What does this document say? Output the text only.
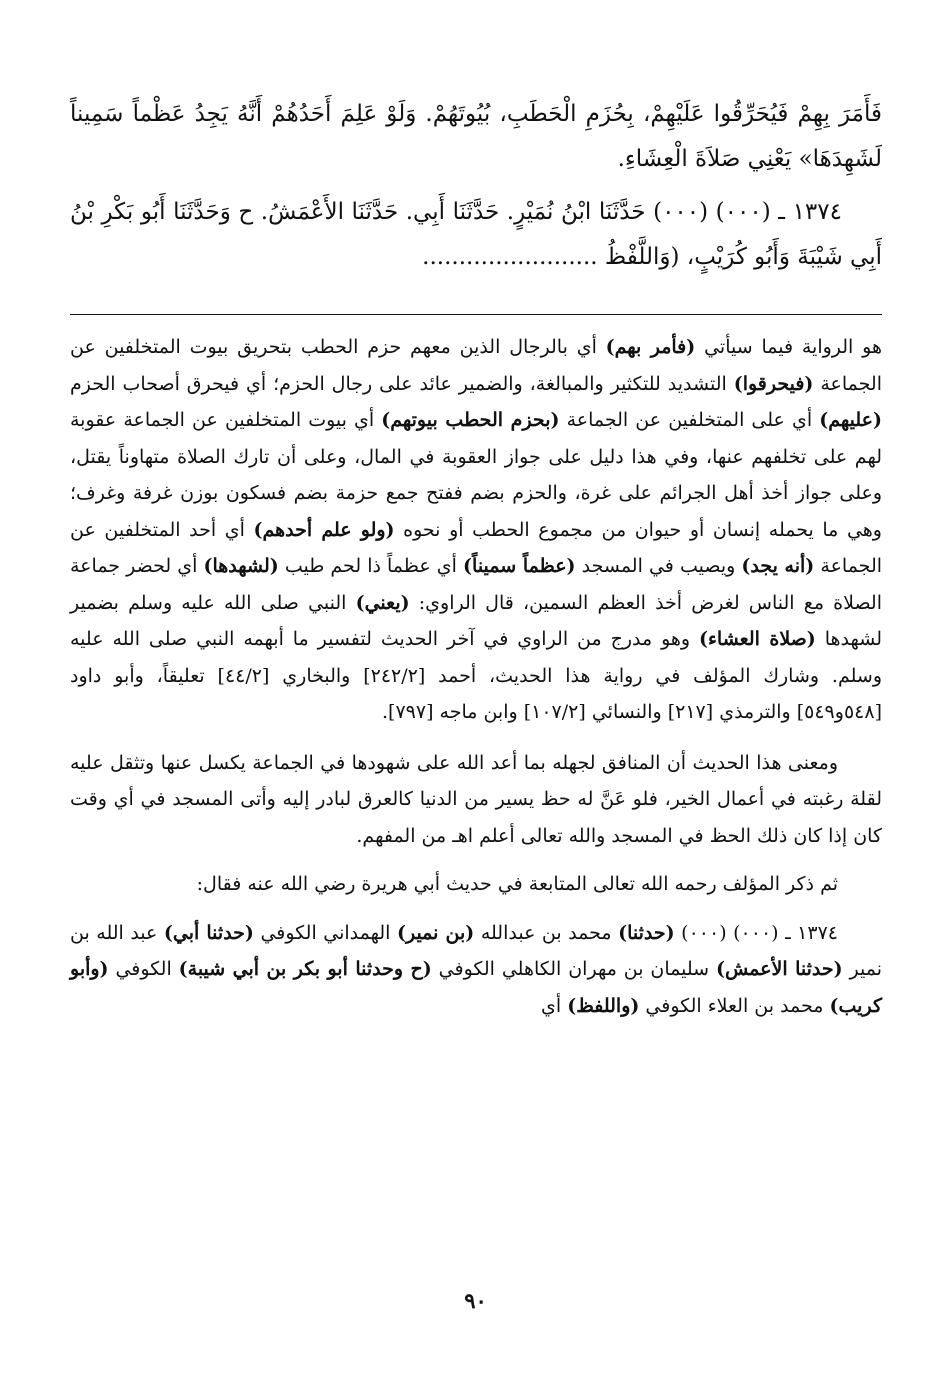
فَأَمَرَ بِهِمْ فَيُحَرِّقُوا عَلَيْهِمْ، بِحُزَمِ الْحَطَبِ، بُيُوتَهُمْ. وَلَوْ عَلِمَ أَحَدُهُمْ أَنَّهُ يَجِدُ عَظْماً سَمِيناً لَشَهِدَهَا» يَعْنِي صَلاَةَ الْعِشَاءِ.

١٣٧٤ ـ (٠٠٠) (٠٠٠) حَدَّثَنَا ابْنُ نُمَيْرٍ. حَدَّثَنَا أَبِي. حَدَّثَنَا الأَعْمَشُ. ح وَحَدَّثَنَا أَبُو بَكْرِ بْنُ أَبِي شَيْبَةَ وَأَبُو كُرَيْبٍ، (وَاللَّفْظُ ........................

هو الرواية فيما سيأتي (فأمر بهم) أي بالرجال الذين معهم حزم الحطب بتحريق بيوت المتخلفين عن الجماعة (فيحرقوا) التشديد للتكثير والمبالغة، والضمير عائد على رجال الحزم؛ أي فيحرق أصحاب الحزم (عليهم) أي على المتخلفين عن الجماعة (بحزم الحطب بيوتهم) أي بيوت المتخلفين عن الجماعة عقوبة لهم على تخلفهم عنها، وفي هذا دليل على جواز العقوبة في المال، وعلى أن تارك الصلاة متهاوناً يقتل، وعلى جواز أخذ أهل الجرائم على غرة، والحزم بضم ففتح جمع حزمة بضم فسكون بوزن غرفة وغرف؛ وهي ما يحمله إنسان أو حيوان من مجموع الحطب أو نحوه (ولو علم أحدهم) أي أحد المتخلفين عن الجماعة (أنه يجد) ويصيب في المسجد (عظماً سميناً) أي عظماً ذا لحم طيب (لشهدها) أي لحضر جماعة الصلاة مع الناس لغرض أخذ العظم السمين، قال الراوي: (يعني) النبي صلى الله عليه وسلم بضمير لشهدها (صلاة العشاء) وهو مدرج من الراوي في آخر الحديث لتفسير ما أبهمه النبي صلى الله عليه وسلم. وشارك المؤلف في رواية هذا الحديث، أحمد [٢٤٢/٢] والبخاري [٤٤/٢] تعليقاً، وأبو داود [٥٤٨و٥٤٩] والترمذي [٢١٧] والنسائي [١٠٧/٢] وابن ماجه [٧٩٧].

ومعنى هذا الحديث أن المنافق لجهله بما أعد الله على شهودها في الجماعة يكسل عنها وتثقل عليه لقلة رغبته في أعمال الخير، فلو عَنَّ له حظ يسير من الدنيا كالعرق لبادر إليه وأتى المسجد في أي وقت كان إذا كان ذلك الحظ في المسجد والله تعالى أعلم اهـ من المفهم.

ثم ذكر المؤلف رحمه الله تعالى المتابعة في حديث أبي هريرة رضي الله عنه فقال:

١٣٧٤ ـ (٠٠٠) (٠٠٠) (حدثنا) محمد بن عبدالله (بن نمير) الهمداني الكوفي (حدثنا أبي) عبد الله بن نمير (حدثنا الأعمش) سليمان بن مهران الكاهلي الكوفي (ح وحدثنا أبو بكر بن أبي شيبة) الكوفي (وأبو كريب) محمد بن العلاء الكوفي (واللفظ) أي

٩٠
